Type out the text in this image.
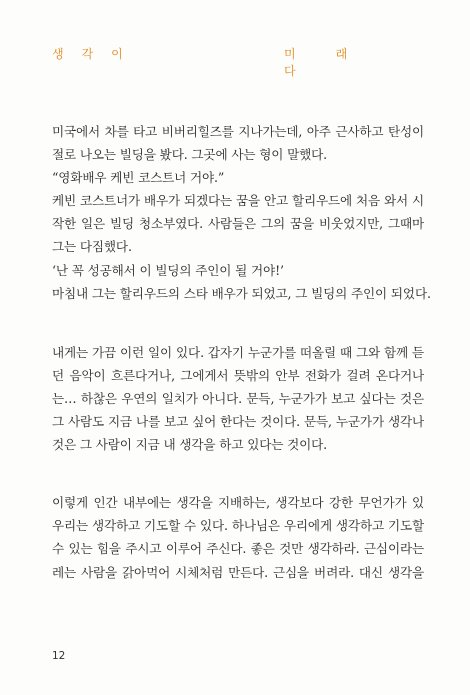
생각이	미래다
미국에서 차를 타고 비버리힐즈를 지나가는데, 아주 근사하고 탄성이
절로 나오는 빌딩을 봤다. 그곳에 사는 형이 말했다.
“영화배우 케빈 코스트너 거야.”
케빈 코스트너가 배우가 되겠다는 꿈을 안고 할리우드에 처음 와서 시
작한 일은 빌딩 청소부였다. 사람들은 그의 꿈을 비웃었지만, 그때마
그는 다짐했다.
‘난 꼭 성공해서 이 빌딩의 주인이 될 거야!’
마침내 그는 할리우드의 스타 배우가 되었고, 그 빌딩의 주인이 되었다.
내게는 가끔 이런 일이 있다. 갑자기 누군가를 떠올릴 때 그와 함께 듣
던 음악이 흐른다거나, 그에게서 뜻밖의 안부 전화가 걸려 온다거나
는… 하찮은 우연의 일치가 아니다. 문득, 누군가가 보고 싶다는 것은
그 사람도 지금 나를 보고 싶어 한다는 것이다. 문득, 누군가가 생각나
것은 그 사람이 지금 내 생각을 하고 있다는 것이다.
이렇게 인간 내부에는 생각을 지배하는, 생각보다 강한 무언가가 있
우리는 생각하고 기도할 수 있다. 하나님은 우리에게 생각하고 기도할
수 있는 힘을 주시고 이루어 주신다. 좋은 것만 생각하라. 근심이라는
레는 사람을 갉아먹어 시체처럼 만든다. 근심을 버려라. 대신 생각을
12
